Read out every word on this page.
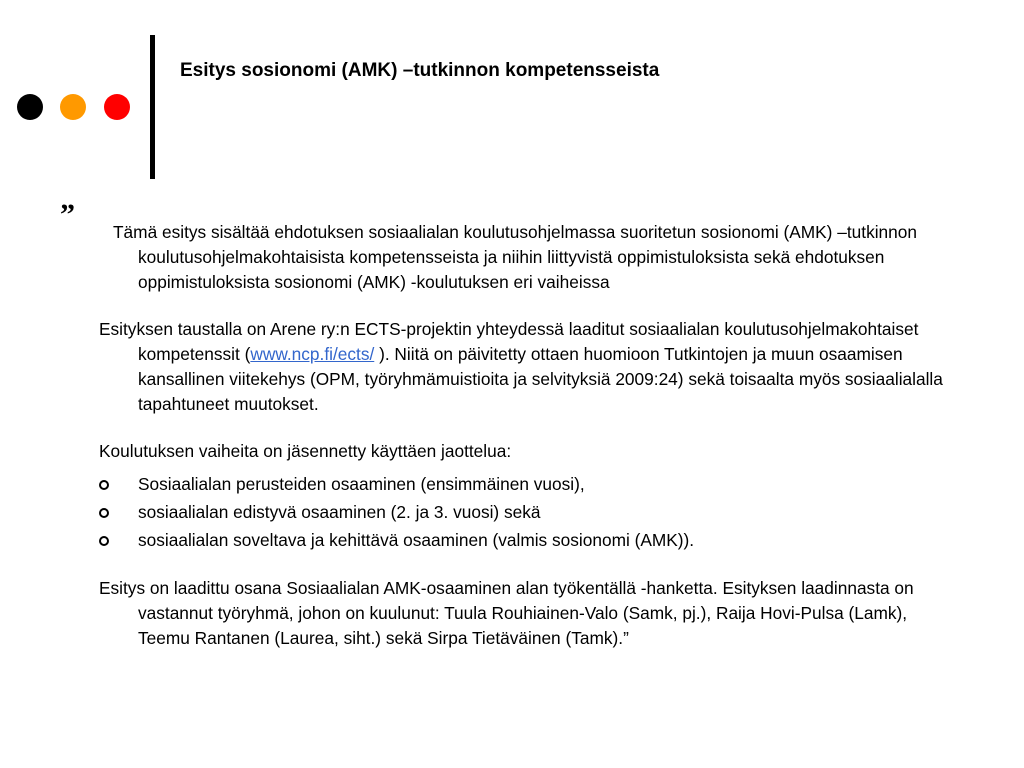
Esitys sosionomi (AMK) –tutkinnon kompetensseista

”
Tämä esitys sisältää ehdotuksen sosiaalialan koulutusohjelmassa suoritetun sosionomi (AMK) –tutkinnon koulutusohjelmakohtaisista kompetensseista ja niihin liittyvistä oppimistuloksista sekä ehdotuksen oppimistuloksista sosionomi (AMK) -koulutuksen eri vaiheissa

Esityksen taustalla on Arene ry:n ECTS-projektin yhteydessä laaditut sosiaalialan koulutusohjelmakohtaiset kompetenssit (www.ncp.fi/ects/ ). Niitä on päivitetty ottaen huomioon Tutkintojen ja muun osaamisen kansallinen viitekehys (OPM, työryhmämuistioita ja selvityksiä 2009:24) sekä toisaalta myös sosiaalialalla tapahtuneet muutokset.

Koulutuksen vaiheita on jäsennetty käyttäen jaottelua:

Sosiaalialan perusteiden osaaminen (ensimmäinen vuosi),

sosiaalialan edistyvä osaaminen (2. ja 3. vuosi) sekä

sosiaalialan soveltava ja kehittävä osaaminen (valmis sosionomi (AMK)).

Esitys on laadittu osana Sosiaalialan AMK-osaaminen alan työkentällä -hanketta. Esityksen laadinnasta on vastannut työryhmä, johon on kuulunut: Tuula Rouhiainen-Valo (Samk, pj.), Raija Hovi-Pulsa (Lamk), Teemu Rantanen (Laurea, siht.) sekä Sirpa Tietäväinen (Tamk).”
